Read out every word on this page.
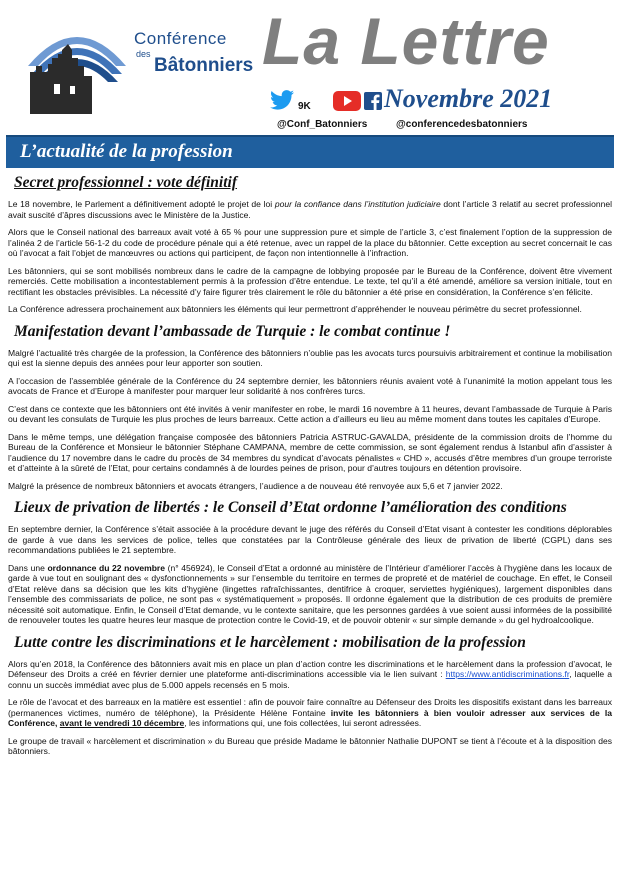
Conférence
des
Bâtonniers La Lettre
9K	Novembre 2021
@Conf_Batonniers	@conferencedesbatonniers
L’actualité de la profession
Secret professionnel : vote définitif

Le 18 novembre, le Parlement a définitivement adopté le projet de loi pour la confiance dans l’institution judiciaire dont l’article 3 relatif au secret professionnel avait suscité d’âpres discussions avec le Ministère de la Justice.

Alors que le Conseil national des barreaux avait voté à 65 % pour une suppression pure et simple de l’article 3, c’est finalement l’option de la suppression de l’alinéa 2 de l’article 56-1-2 du code de procédure pénale qui a été retenue, avec un rappel de la place du bâtonnier. Cette exception au secret concernait le cas où l’avocat a fait l’objet de manœuvres ou actions qui participent, de façon non intentionnelle à l’infraction.

Les bâtonniers, qui se sont mobilisés nombreux dans le cadre de la campagne de lobbying proposée par le Bureau de la Conférence, doivent être vivement remerciés. Cette mobilisation a incontestablement permis à la profession d’être entendue. Le texte, tel qu’il a été amendé, améliore sa version initiale, tout en rectifiant les obstacles prévisibles. La nécessité d’y faire figurer très clairement le rôle du bâtonnier a été prise en considération, la Conférence s’en félicite.

La Conférence adressera prochainement aux bâtonniers les éléments qui leur permettront d’appréhender le nouveau périmètre du secret professionnel.

Manifestation devant l’ambassade de Turquie : le combat continue !

Malgré l’actualité très chargée de la profession, la Conférence des bâtonniers n’oublie pas les avocats turcs poursuivis arbitrairement et continue la mobilisation qui est la sienne depuis des années pour leur apporter son soutien.

A l’occasion de l’assemblée générale de la Conférence du 24 septembre dernier, les bâtonniers réunis avaient voté à l’unanimité la motion appelant tous les avocats de France et d’Europe à manifester pour marquer leur solidarité à nos confrères turcs.

C’est dans ce contexte que les bâtonniers ont été invités à venir manifester en robe, le mardi 16 novembre à 11 heures, devant l’ambassade de Turquie à Paris ou devant les consulats de Turquie les plus proches de leurs barreaux. Cette action a d’ailleurs eu lieu au même moment dans toutes les capitales d’Europe.

Dans le même temps, une délégation française composée des bâtonniers Patricia ASTRUC-GAVALDA, présidente de la commission droits de l’homme du Bureau de la Conférence et Monsieur le bâtonnier Stéphane CAMPANA, membre de cette commission, se sont également rendus à Istanbul afin d’assister à l’audience du 17 novembre dans le cadre du procès de 34 membres du syndicat d’avocats pénalistes « CHD », accusés d’être membres d’un groupe terroriste et d’atteinte à la sûreté de l’Etat, pour certains condamnés à de lourdes peines de prison, pour d’autres toujours en détention provisoire.

Malgré la présence de nombreux bâtonniers et avocats étrangers, l’audience a de nouveau été renvoyée aux 5,6 et 7 janvier 2022.

Lieux de privation de libertés : le Conseil d’Etat ordonne l’amélioration des conditions

En septembre dernier, la Conférence s’était associée à la procédure devant le juge des référés du Conseil d’Etat visant à contester les conditions déplorables de garde à vue dans les services de police, telles que constatées par la Contrôleuse générale des lieux de privation de liberté (CGPL) dans ses recommandations publiées le 21 septembre.

Dans une ordonnance du 22 novembre (n° 456924), le Conseil d’Etat a ordonné au ministère de l’Intérieur d’améliorer l’accès à l’hygiène dans les locaux de garde à vue tout en soulignant des « dysfonctionnements » sur l’ensemble du territoire en termes de propreté et de matériel de couchage. En effet, le Conseil d’Etat relève dans sa décision que les kits d’hygiène (lingettes rafraîchissantes, dentifrice à croquer, serviettes hygiéniques), largement disponibles dans l’ensemble des commissariats de police, ne sont pas « systématiquement » proposés. Il ordonne également que la distribution de ces produits de première nécessité soit automatique. Enfin, le Conseil d’Etat demande, vu le contexte sanitaire, que les personnes gardées à vue soient aussi informées de la possibilité de renouveler toutes les quatre heures leur masque de protection contre le Covid-19, et de pouvoir obtenir « sur simple demande » du gel hydroalcoolique.

Lutte contre les discriminations et le harcèlement : mobilisation de la profession

Alors qu’en 2018, la Conférence des bâtonniers avait mis en place un plan d’action contre les discriminations et le harcèlement dans la profession d’avocat, le Défenseur des Droits a créé en février dernier une plateforme anti-discriminations accessible via le lien suivant : https://www.antidiscriminations.fr, laquelle a connu un succès immédiat avec plus de 5.000 appels recensés en 5 mois.

Le rôle de l’avocat et des barreaux en la matière est essentiel : afin de pouvoir faire connaître au Défenseur des Droits les dispositifs existant dans les barreaux (permanences victimes, numéro de téléphone), la Présidente Hélène Fontaine invite les bâtonniers à bien vouloir adresser aux services de la Conférence, avant le vendredi 10 décembre, les informations qui, une fois collectées, lui seront adressées.

Le groupe de travail « harcèlement et discrimination » du Bureau que préside Madame le bâtonnier Nathalie DUPONT se tient à l’écoute et à la disposition des bâtonniers.
